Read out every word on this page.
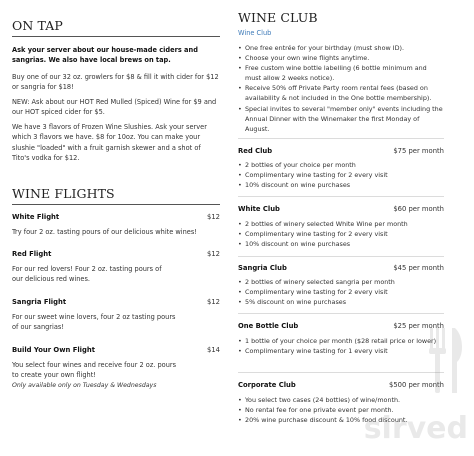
ON TAP

Ask your server about our house-made ciders and sangrias. We also have local brews on tap.

Buy one of our 32 oz. growlers for $8 & fill it with cider for $12 or sangria for $18!

NEW: Ask about our HOT Red Mulled (Spiced) Wine for $9 and our HOT spiced cider for $5.

We have 3 flavors of Frozen Wine Slushies. Ask your server which 3 flavors we have. $8 for 10oz. You can make your slushie "loaded" with a fruit garnish skewer and a shot of Tito's vodka for $12.

WINE FLIGHTS
White Flight	$12

Try four 2 oz. tasting pours of our delicious white wines!

Red Flight	$12

For our red lovers! Four 2 oz. tasting pours of our delicious red wines.

Sangria Flight	$12

For our sweet wine lovers, four 2 oz tasting pours of our sangrias!

Build Your Own Flight	$14

You select four wines and receive four 2 oz. pours to create your own flight!

Only available only on Tuesday & Wednesdays

WINE CLUB
Wine Club
• One free entrée for your birthday (must show ID).
• Choose your own wine flights anytime.
• Free custom wine bottle labelling (6 bottle minimum and must allow 2 weeks notice).
• Receive 50% off Private Party room rental fees (based on availability & not included in the One bottle membership).
• Special invites to several "member only" events including the Annual Dinner with the Winemaker the first Monday of August.
Red Club	$75 per month
• 2 bottles of your choice per month
• Complimentary wine tasting for 2 every visit
• 10% discount on wine purchases
White Club	$60 per month
• 2 bottles of winery selected White Wine per month
• Complimentary wine tasting for 2 every visit
• 10% discount on wine purchases
Sangria Club	$45 per month
• 2 bottles of winery selected sangria per month
• Complimentary wine tasting for 2 every visit
• 5% discount on wine purchases
One Bottle Club	$25 per month
• 1 bottle of your choice per month ($28 retail price or lower)
• Complimentary wine tasting for 1 every visit
Corporate Club	$500 per month
• You select two cases (24 bottles) of wine/month.
• No rental fee for one private event per month.
• 20% wine purchase discount & 10% food discount.
sirved
